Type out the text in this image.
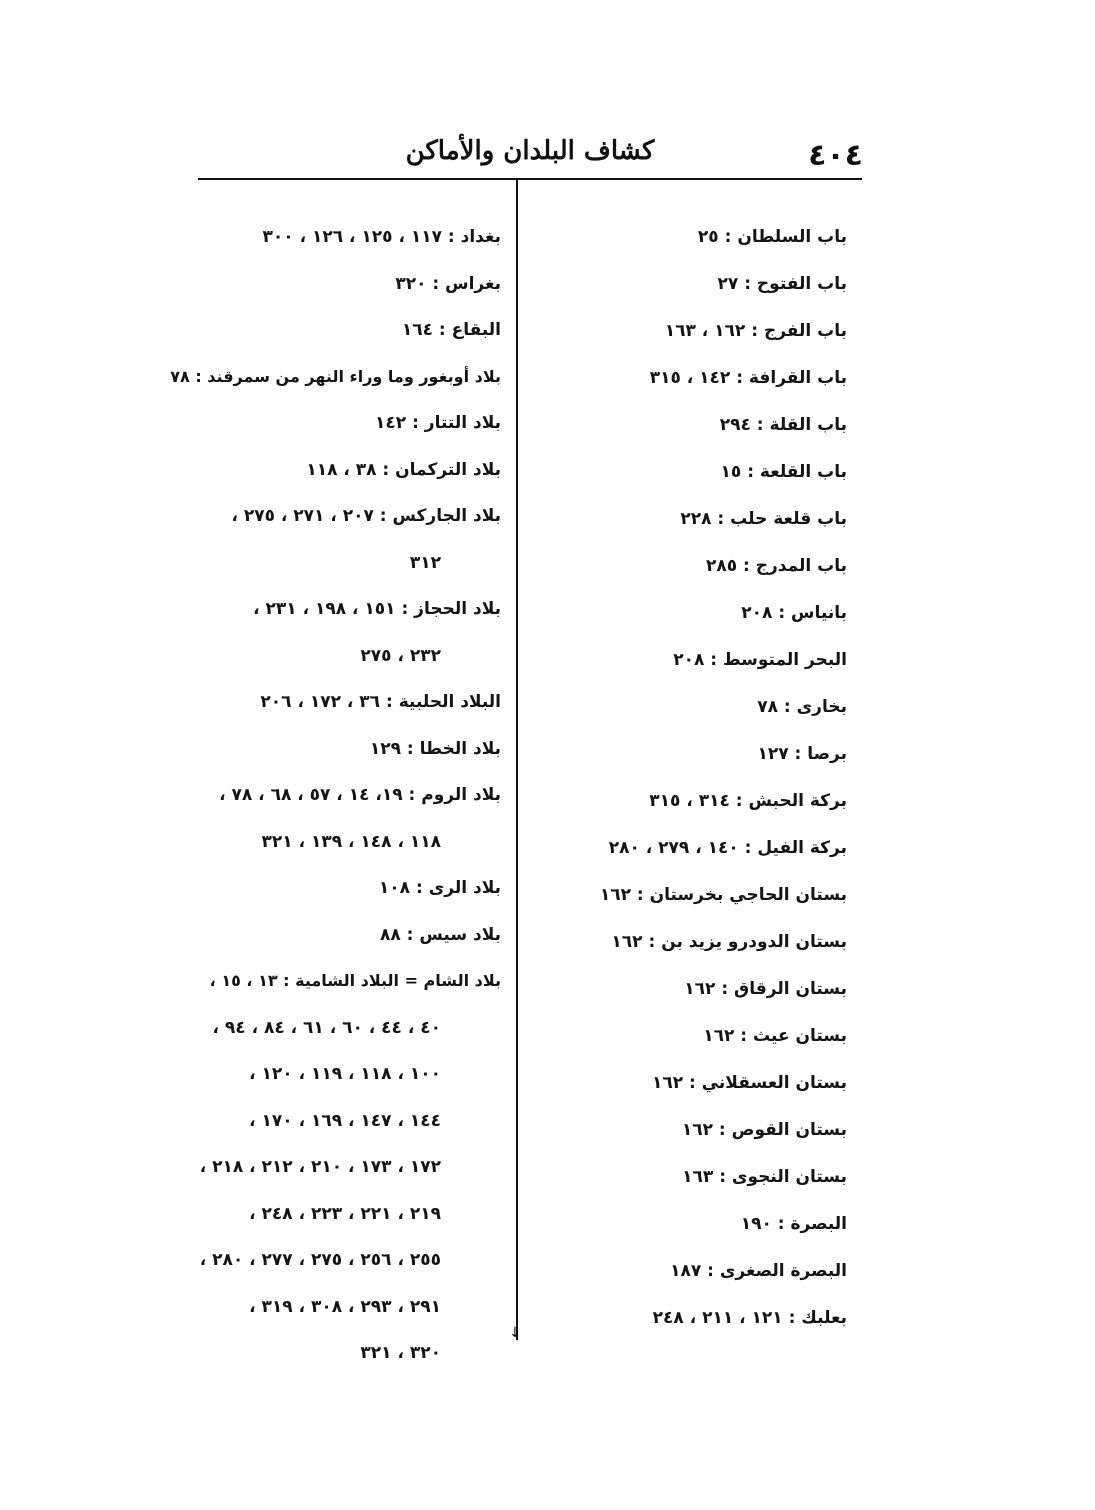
٤٠٤
كشاف البلدان والأماكن
↓
باب السلطان : ٢٥
باب الفتوح : ٢٧
باب الفرج : ١٦٢ ، ١٦٣
باب القرافة : ١٤٢ ، ٣١٥
باب القلة : ٢٩٤
باب القلعة : ١٥
باب قلعة حلب : ٢٢٨
باب المدرج : ٢٨٥
بانياس : ٢٠٨
البحر المتوسط : ٢٠٨
بخارى : ٧٨
برصا : ١٢٧
بركة الحبش : ٣١٤ ، ٣١٥
بركة الفيل : ١٤٠ ، ٢٧٩ ، ٢٨٠
بستان الحاجي بخرستان : ١٦٢
بستان الدودرو يزيد بن : ١٦٢
بستان الرقاق : ١٦٢
بستان عيث : ١٦٢
بستان العسقلاني : ١٦٢
بستان القوص : ١٦٢
بستان النجوى : ١٦٣
البصرة : ١٩٠
البصرة الصغرى : ١٨٧
بعلبك : ١٢١ ، ٢١١ ، ٢٤٨
بغداد : ١١٧ ، ١٢٥ ، ١٢٦ ، ٣٠٠
بغراس : ٣٢٠
البقاع : ١٦٤
بلاد أوبغور وما وراء النهر من سمرقند : ٧٨
بلاد التتار : ١٤٢
بلاد التركمان : ٣٨ ، ١١٨
بلاد الجاركس : ٢٠٧ ، ٢٧١ ، ٢٧٥ ،
٣١٢
بلاد الحجاز : ١٥١ ، ١٩٨ ، ٢٣١ ،
٢٣٢ ، ٢٧٥
البلاد الحلبية : ٣٦ ، ١٧٢ ، ٢٠٦
بلاد الخطا : ١٢٩
بلاد الروم : ١٩، ١٤ ، ٥٧ ، ٦٨ ، ٧٨ ،
١١٨ ، ١٤٨ ، ١٣٩ ، ٣٢١
بلاد الرى : ١٠٨
بلاد سيس : ٨٨
بلاد الشام = البلاد الشامية : ١٣ ، ١٥ ،
٤٠ ، ٤٤ ، ٦٠ ، ٦١ ، ٨٤ ، ٩٤ ،
١٠٠ ، ١١٨ ، ١١٩ ، ١٢٠ ،
١٤٤ ، ١٤٧ ، ١٦٩ ، ١٧٠ ،
١٧٢ ، ١٧٣ ، ٢١٠ ، ٢١٢ ، ٢١٨ ،
٢١٩ ، ٢٢١ ، ٢٢٣ ، ٢٤٨ ،
٢٥٥ ، ٢٥٦ ، ٢٧٥ ، ٢٧٧ ، ٢٨٠ ،
٢٩١ ، ٢٩٣ ، ٣٠٨ ، ٣١٩ ،
٣٢٠ ، ٣٢١
